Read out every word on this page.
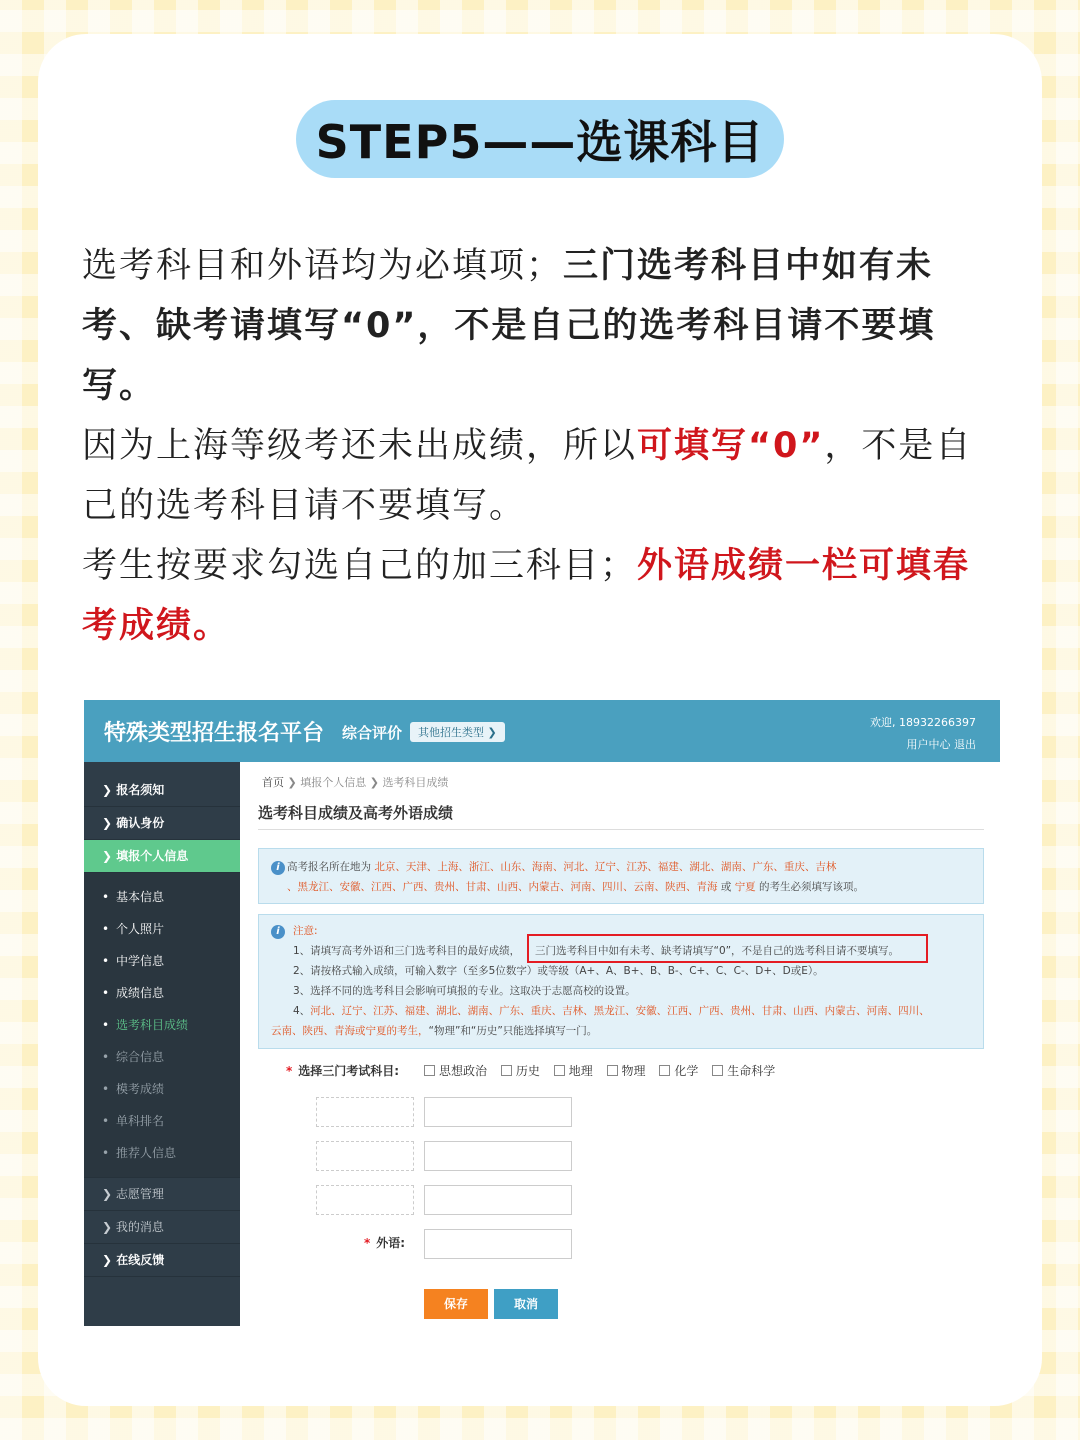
STEP5——选课科目

选考科目和外语均为必填项；三门选考科目中如有未考、缺考请填写“0”，不是自己的选考科目请不要填写。

因为上海等级考还未出成绩，所以可填写“0”，不是自己的选考科目请不要填写。

考生按要求勾选自己的加三科目；外语成绩一栏可填春考成绩。

特殊类型招生报名平台 综合评价	其他招生类型 ❯
欢迎, 18932266397
用户中心 退出
❯ 报名须知
❯ 确认身份
❯ 填报个人信息
• 基本信息
• 个人照片
• 中学信息
• 成绩信息
• 选考科目成绩
• 综合信息
• 模考成绩
• 单科排名
• 推荐人信息
❯ 志愿管理
❯ 我的消息
❯ 在线反馈
首页 ❯ 填报个人信息 ❯ 选考科目成绩
选考科目成绩及高考外语成绩
i 高考报名所在地为 北京、天津、上海、浙江、山东、海南、河北、辽宁、江苏、福建、湖北、湖南、广东、重庆、吉林
、黑龙江、安徽、江西、广西、贵州、甘肃、山西、内蒙古、河南、四川、云南、陕西、青海 或 宁夏 的考生必须填写该项。
i	注意:
1、请填写高考外语和三门选考科目的最好成绩，	三门选考科目中如有未考、缺考请填写“0”，不是自己的选考科目请不要填写。
2、请按格式输入成绩，可输入数字（至多5位数字）或等级（A+、A、B+、B、B-、C+、C、C-、D+、D或E）。
3、选择不同的选考科目会影响可填报的专业。这取决于志愿高校的设置。
4、河北、辽宁、江苏、福建、湖北、湖南、广东、重庆、吉林、黑龙江、安徽、江西、广西、贵州、甘肃、山西、内蒙古、河南、四川、
云南、陕西、青海或宁夏的考生，“物理”和“历史”只能选择填写一门。
* 选择三门考试科目:	思想政治 历史 地理 物理 化学 生命科学
* 外语:
保存	取消
